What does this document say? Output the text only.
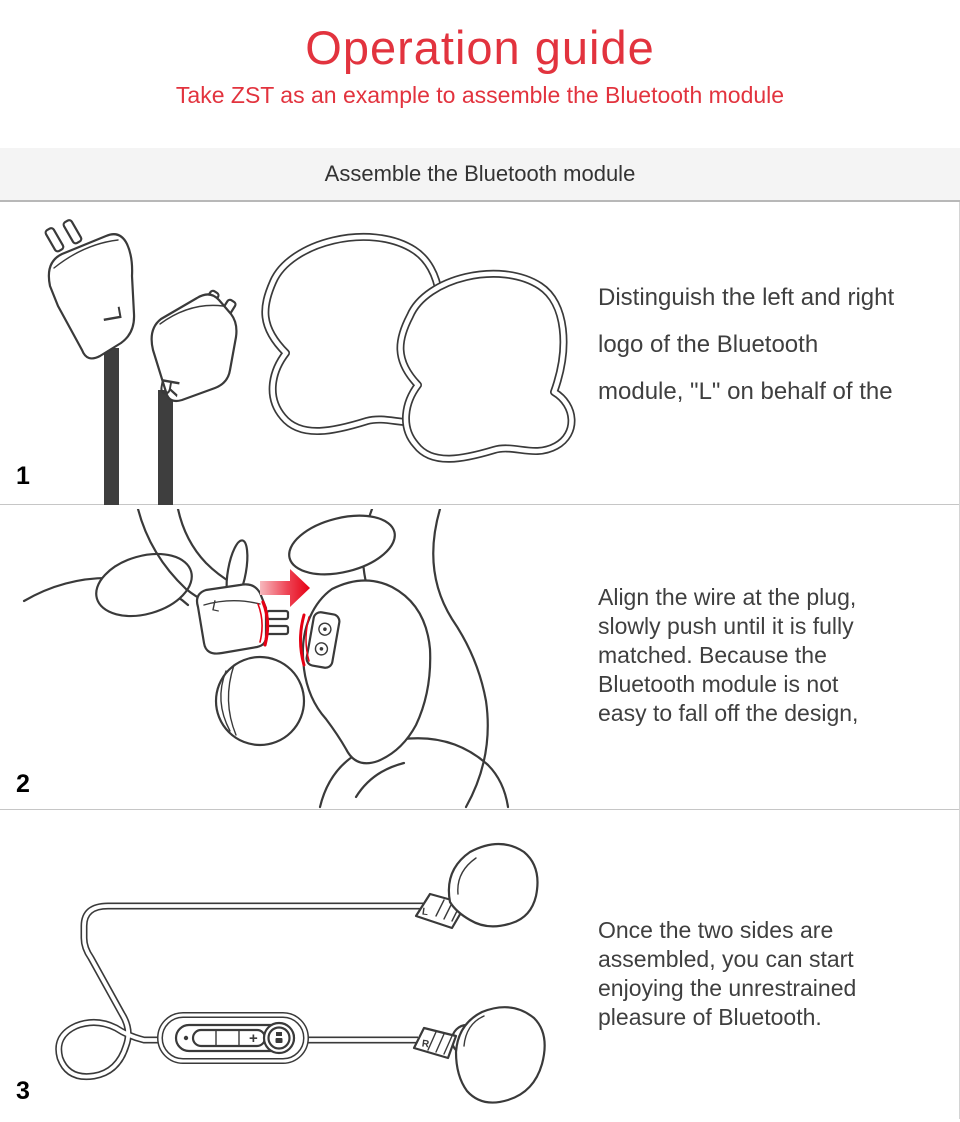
Operation guide

Take ZST as an example to assemble the Bluetooth module

Assemble the Bluetooth module
L
R
Distinguish the left and right
logo of the Bluetooth
module, "L" on behalf of the
1
L	Align the wire at the plug,
slowly push until it is fully
matched. Because the
Bluetooth module is not
easy to fall off the design,
2
L
+	R
Once the two sides are
assembled, you can start
enjoying the unrestrained
pleasure of Bluetooth.
3
